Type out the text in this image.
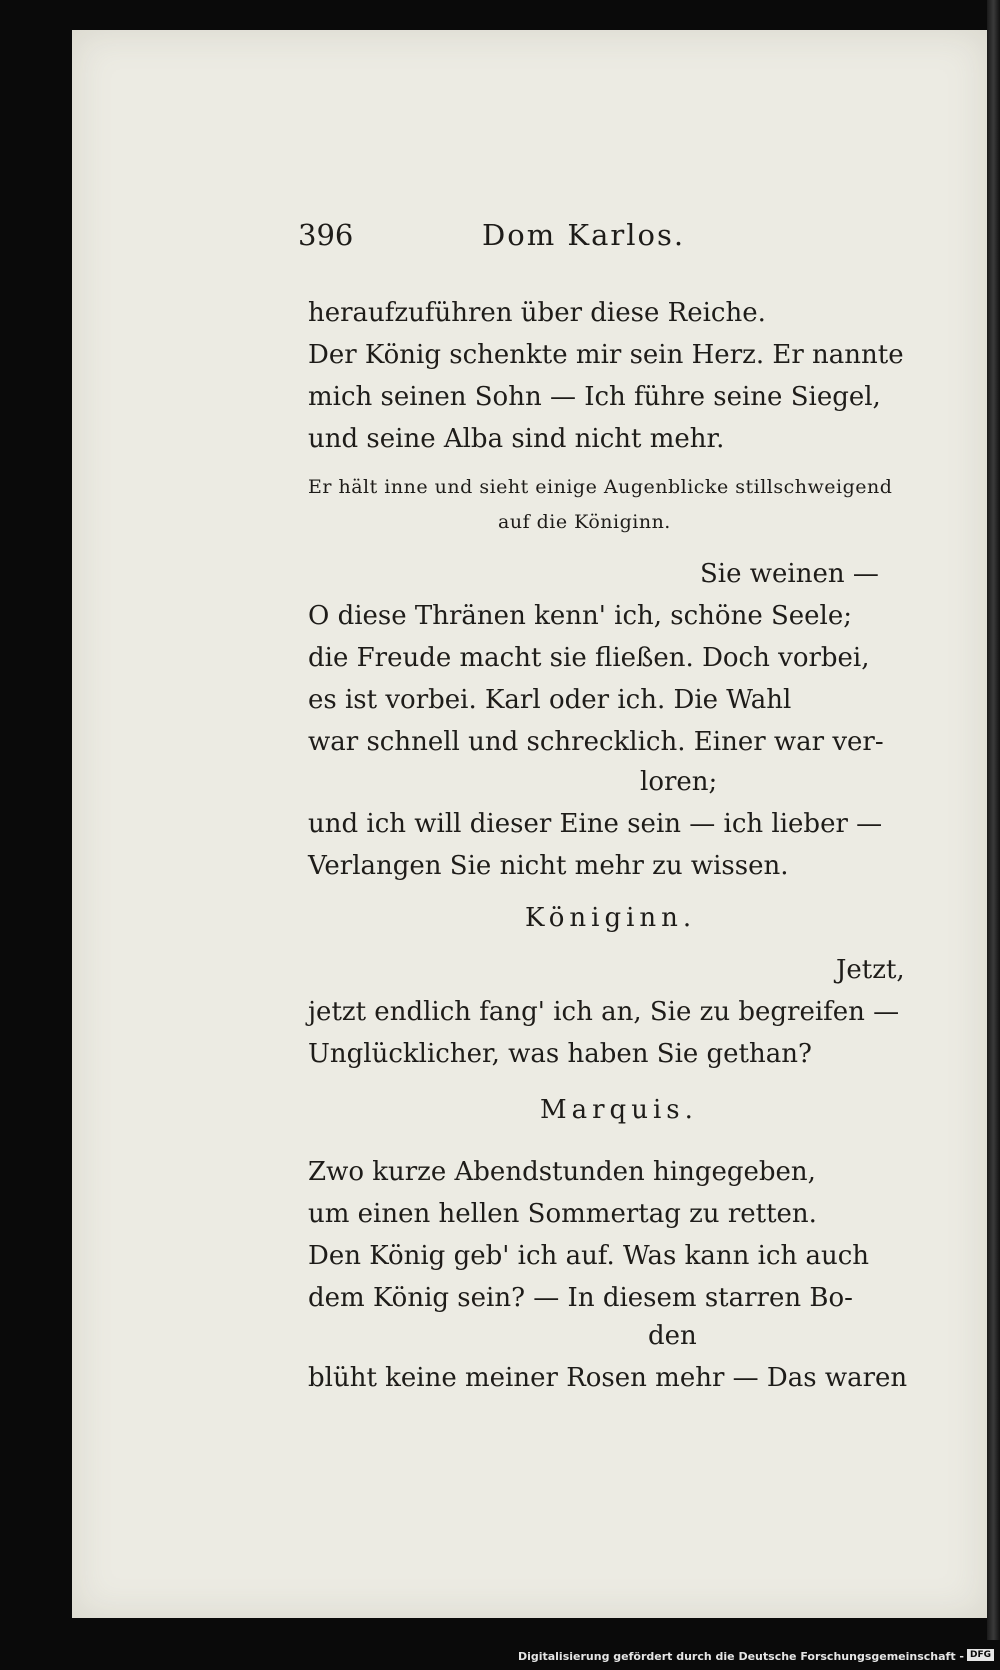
396	Dom Karlos.
heraufzuführen über diese Reiche.
Der König schenkte mir sein Herz. Er nannte
mich seinen Sohn — Ich führe seine Siegel,
und seine Alba sind nicht mehr.
Er hält inne und sieht einige Augenblicke stillschweigend
auf die Königinn.
Sie weinen —
O diese Thränen kenn' ich, schöne Seele;
die Freude macht sie fließen. Doch vorbei,
es ist vorbei. Karl oder ich. Die Wahl
war schnell und schrecklich. Einer war ver-
loren;
und ich will dieser Eine sein — ich lieber —
Verlangen Sie nicht mehr zu wissen.
Königinn.
Jetzt,
jetzt endlich fang' ich an, Sie zu begreifen —
Unglücklicher, was haben Sie gethan?
Marquis.
Zwo kurze Abendstunden hingegeben,
um einen hellen Sommertag zu retten.
Den König geb' ich auf. Was kann ich auch
dem König sein? — In diesem starren Bo-
den
blüht keine meiner Rosen mehr — Das waren
Digitalisierung gefördert durch die Deutsche Forschungsgemeinschaft - DFG
